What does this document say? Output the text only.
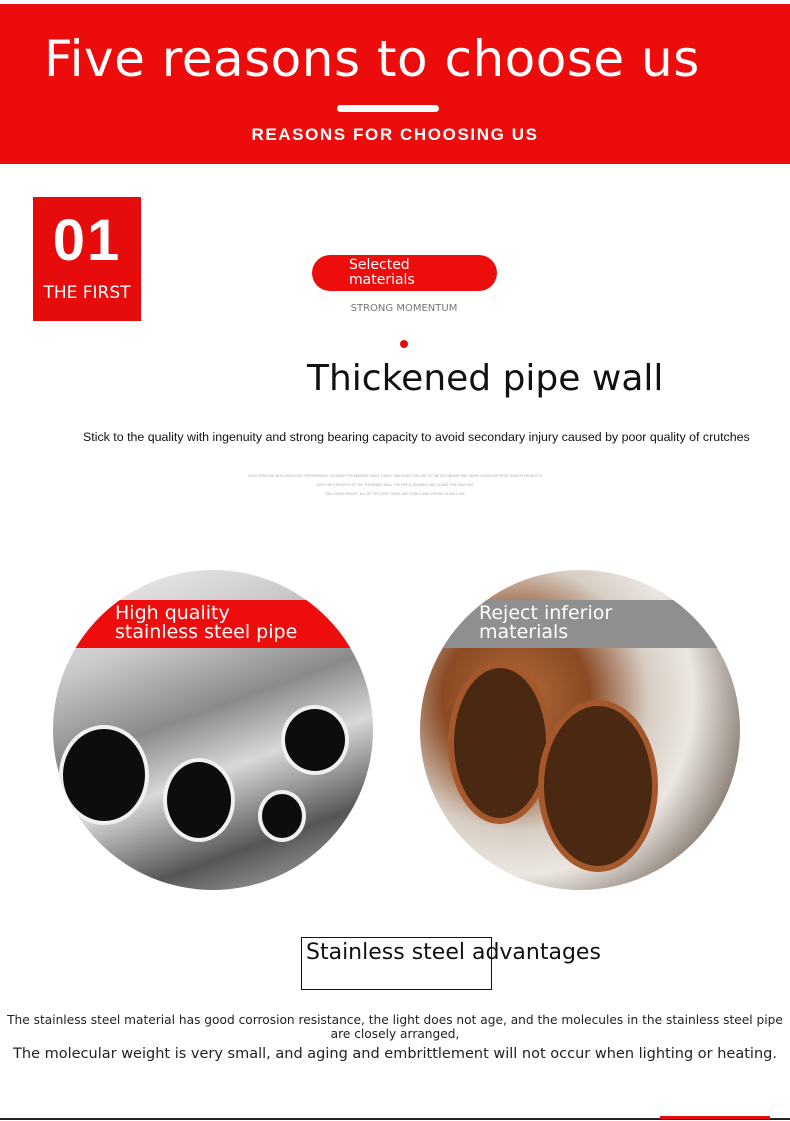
Five reasons to choose us
REASONS FOR CHOOSING US
01
THE FIRST
Selected
materials
STRONG MOMENTUM
Thickened pipe wall
Stick to the quality with ingenuity and strong bearing capacity to avoid secondary injury caused by poor quality of crutches
LONG-TERM USE WITH EXCELLENT PERFORMANCE, SUITABLE FOR BEARING HEAVY LOADS, AND AVOID THE USE OF THE SECONDARY WAY INJURY CAUSED BY POOR QUALITY PRODUCTS
WITH THE STRENGTH OF THE THICKENED WALL THE PIPE IS DURABLE AND STABLE FOR DAILY USE
THE LOWER WEIGHT, ALL OF THE STEEL TUBES ARE STABLE AND STRONG IN DAILY USE
High quality
stainless steel pipe
Reject inferior
materials
Stainless steel advantages
The stainless steel material has good corrosion resistance, the light does not age, and the molecules in the stainless steel pipe are closely arranged,
The molecular weight is very small, and aging and embrittlement will not occur when lighting or heating.
